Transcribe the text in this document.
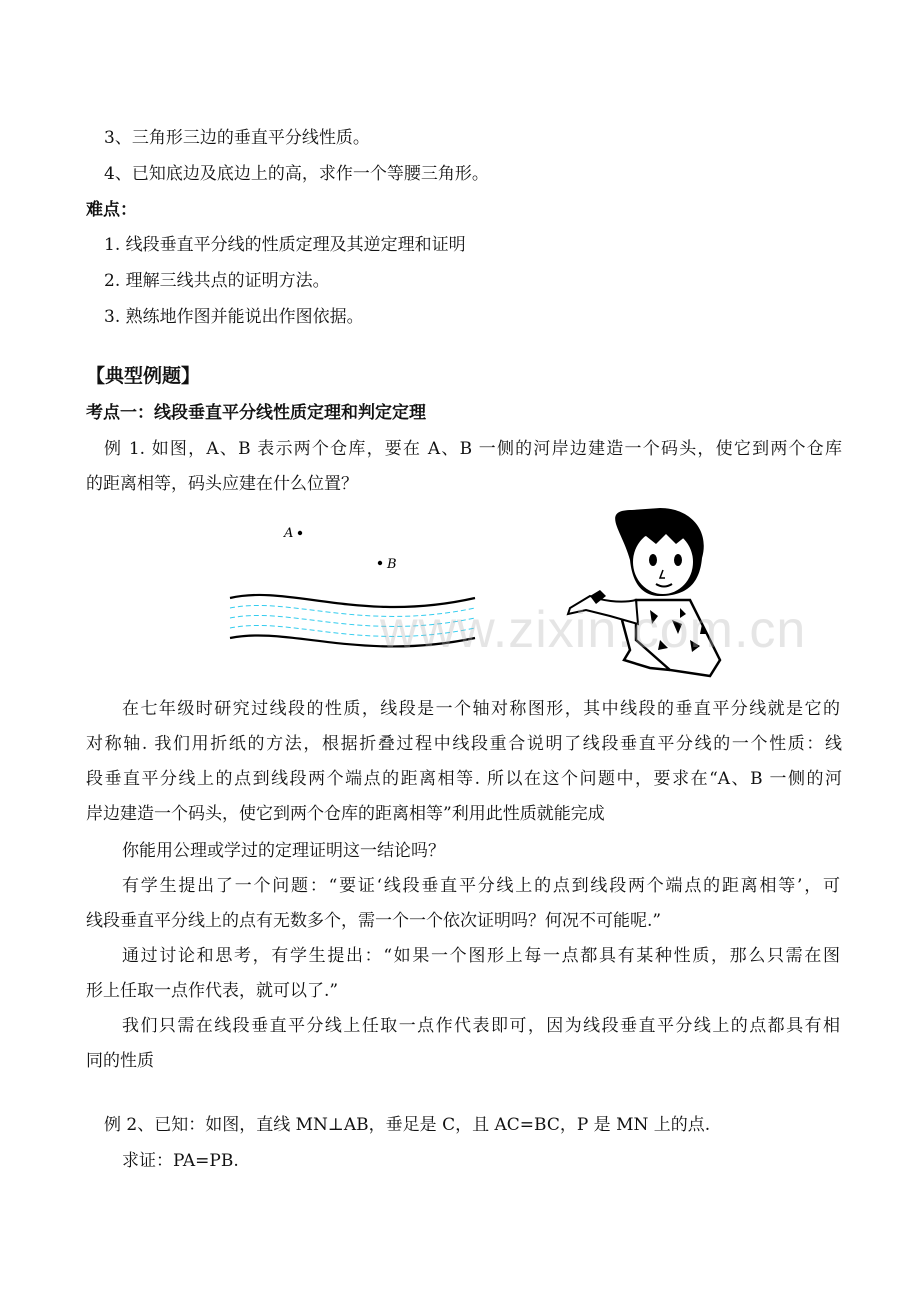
3、三角形三边的垂直平分线性质。
4、已知底边及底边上的高，求作一个等腰三角形。
难点：
1. 线段垂直平分线的性质定理及其逆定理和证明
2. 理解三线共点的证明方法。
3. 熟练地作图并能说出作图依据。
【典型例题】
考点一：线段垂直平分线性质定理和判定定理
例 1. 如图，A、B 表示两个仓库，要在 A、B 一侧的河岸边建造一个码头，使它到两个仓库
的距离相等，码头应建在什么位置？
A
B
www.zixin.com.cn
在七年级时研究过线段的性质，线段是一个轴对称图形，其中线段的垂直平分线就是它的
对称轴. 我们用折纸的方法，根据折叠过程中线段重合说明了线段垂直平分线的一个性质：线
段垂直平分线上的点到线段两个端点的距离相等. 所以在这个问题中，要求在“A、B 一侧的河
岸边建造一个码头，使它到两个仓库的距离相等”利用此性质就能完成
你能用公理或学过的定理证明这一结论吗？
有学生提出了一个问题：“要证‘线段垂直平分线上的点到线段两个端点的距离相等’，可
线段垂直平分线上的点有无数多个，需一个一个依次证明吗？何况不可能呢.”
通过讨论和思考，有学生提出：“如果一个图形上每一点都具有某种性质，那么只需在图
形上任取一点作代表，就可以了.”
我们只需在线段垂直平分线上任取一点作代表即可，因为线段垂直平分线上的点都具有相
同的性质
例 2、已知：如图，直线 MN⊥AB，垂足是 C，且 AC=BC，P 是 MN 上的点.
求证：PA=PB.
